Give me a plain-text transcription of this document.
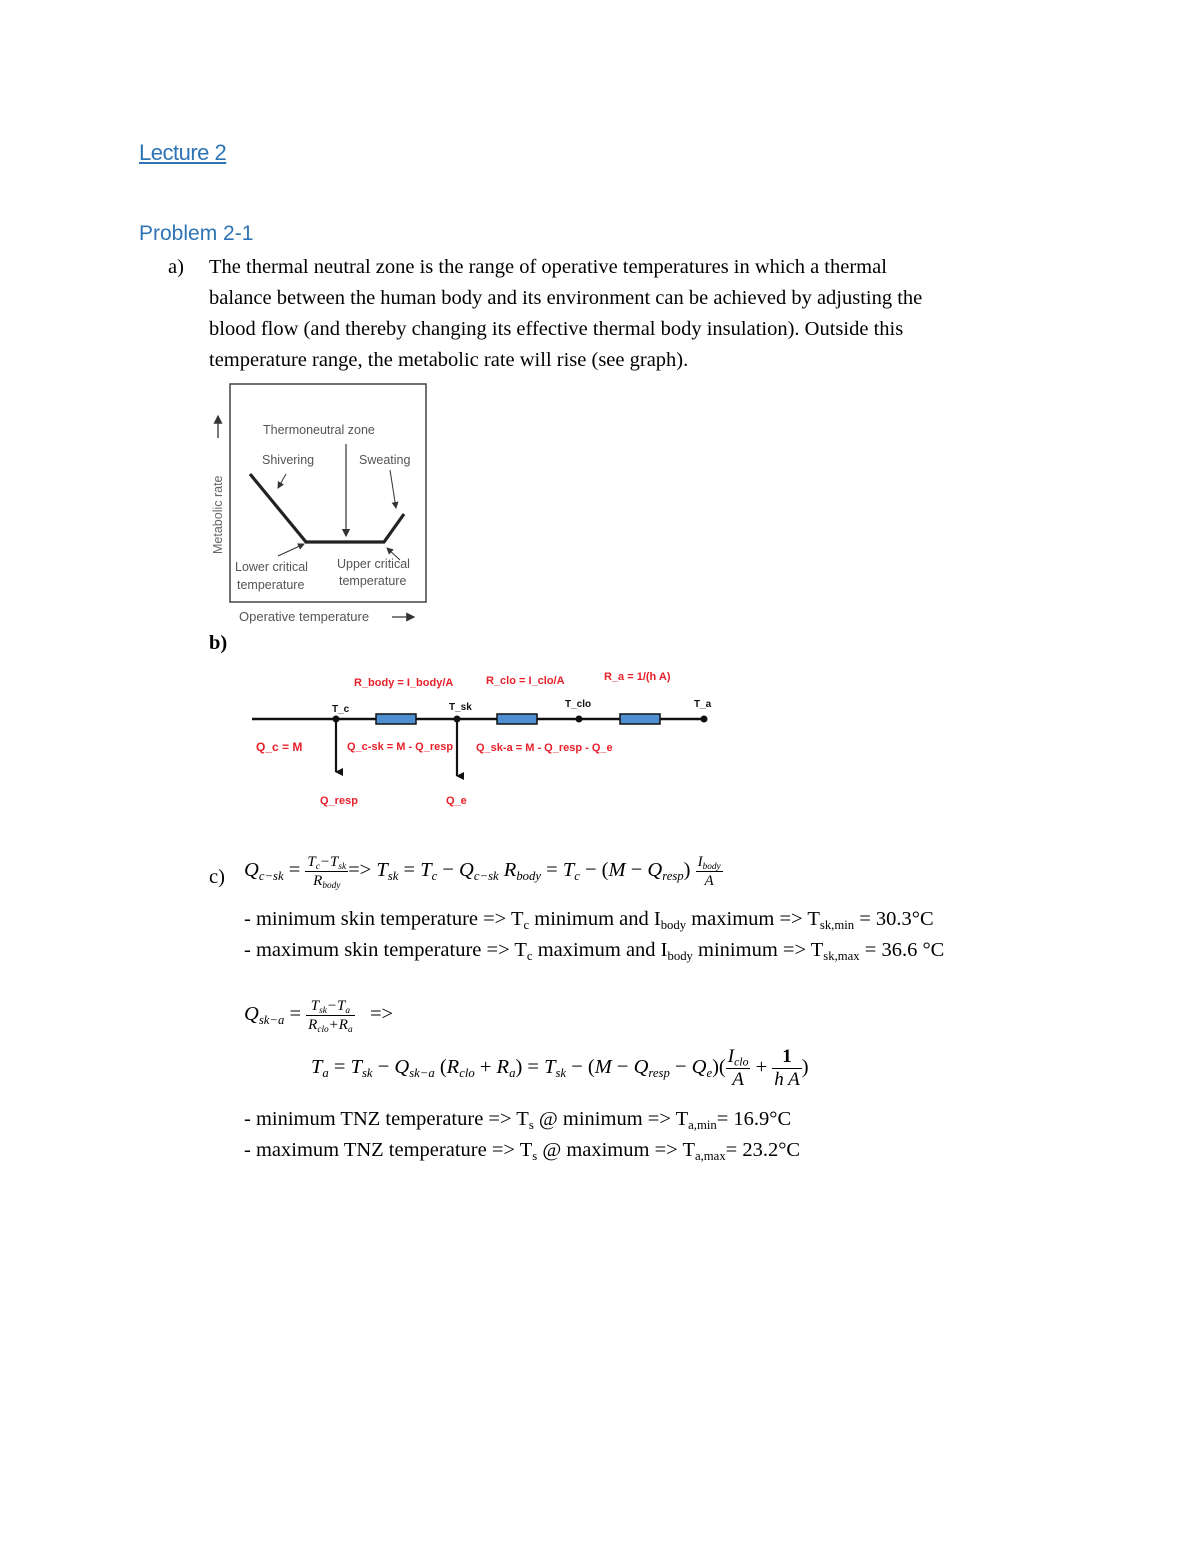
Lecture 2
Problem 2-1
a) The thermal neutral zone is the range of operative temperatures in which a thermal
balance between the human body and its environment can be achieved by adjusting the
blood flow (and thereby changing its effective thermal body insulation). Outside this
temperature range, the metabolic rate will rise (see graph).
Metabolic rate
Thermoneutral zone
Shivering	Sweating
Lower critical
temperature
Upper critical
temperature
Operative temperature
b)
T_c	T_sk	T_clo	T_a
R_body = I_body/A	R_clo = I_clo/A	R_a = 1/(h A)
Q_c = M	Q_c-sk = M - Q_resp Q_sk-a = M - Q_resp - Q_e
Q_resp	Q_e
c) $Q_{c-sk} = \frac{T_c-T_{sk}}{R_{body}} => T_{sk} = T_c - Q_{c-sk}$ $R_{body} = T_c - (M - Q_{resp}) \frac{I_{body}}{A}$
- minimum skin temperature => $T_c$ minimum and $I_{body}$ maximum => $T_{sk,min} = 30.3^\circ C$
- maximum skin temperature => $T_c$ maximum and $I_{body}$ minimum => $T_{sk,max} = 36.6$ °C
$Q_{sk-a} = \frac{T_{sk}-T_a}{R_{clo}+R_a}$ =>
$T_a = T_{sk} - Q_{sk-a}$ $(R_{clo} + R_a) = T_{sk} - (M - Q_{resp} - Q_e)( \frac{I_{clo}}{A} + \frac{1}{\text{h A}}$ )
- minimum TNZ temperature => $T_s$ @ minimum => $T_{a,min}= 16.9^\circ C$
- maximum TNZ temperature => $T_s$ @ maximum => $T_{a,max}= 23.2^\circ C$
